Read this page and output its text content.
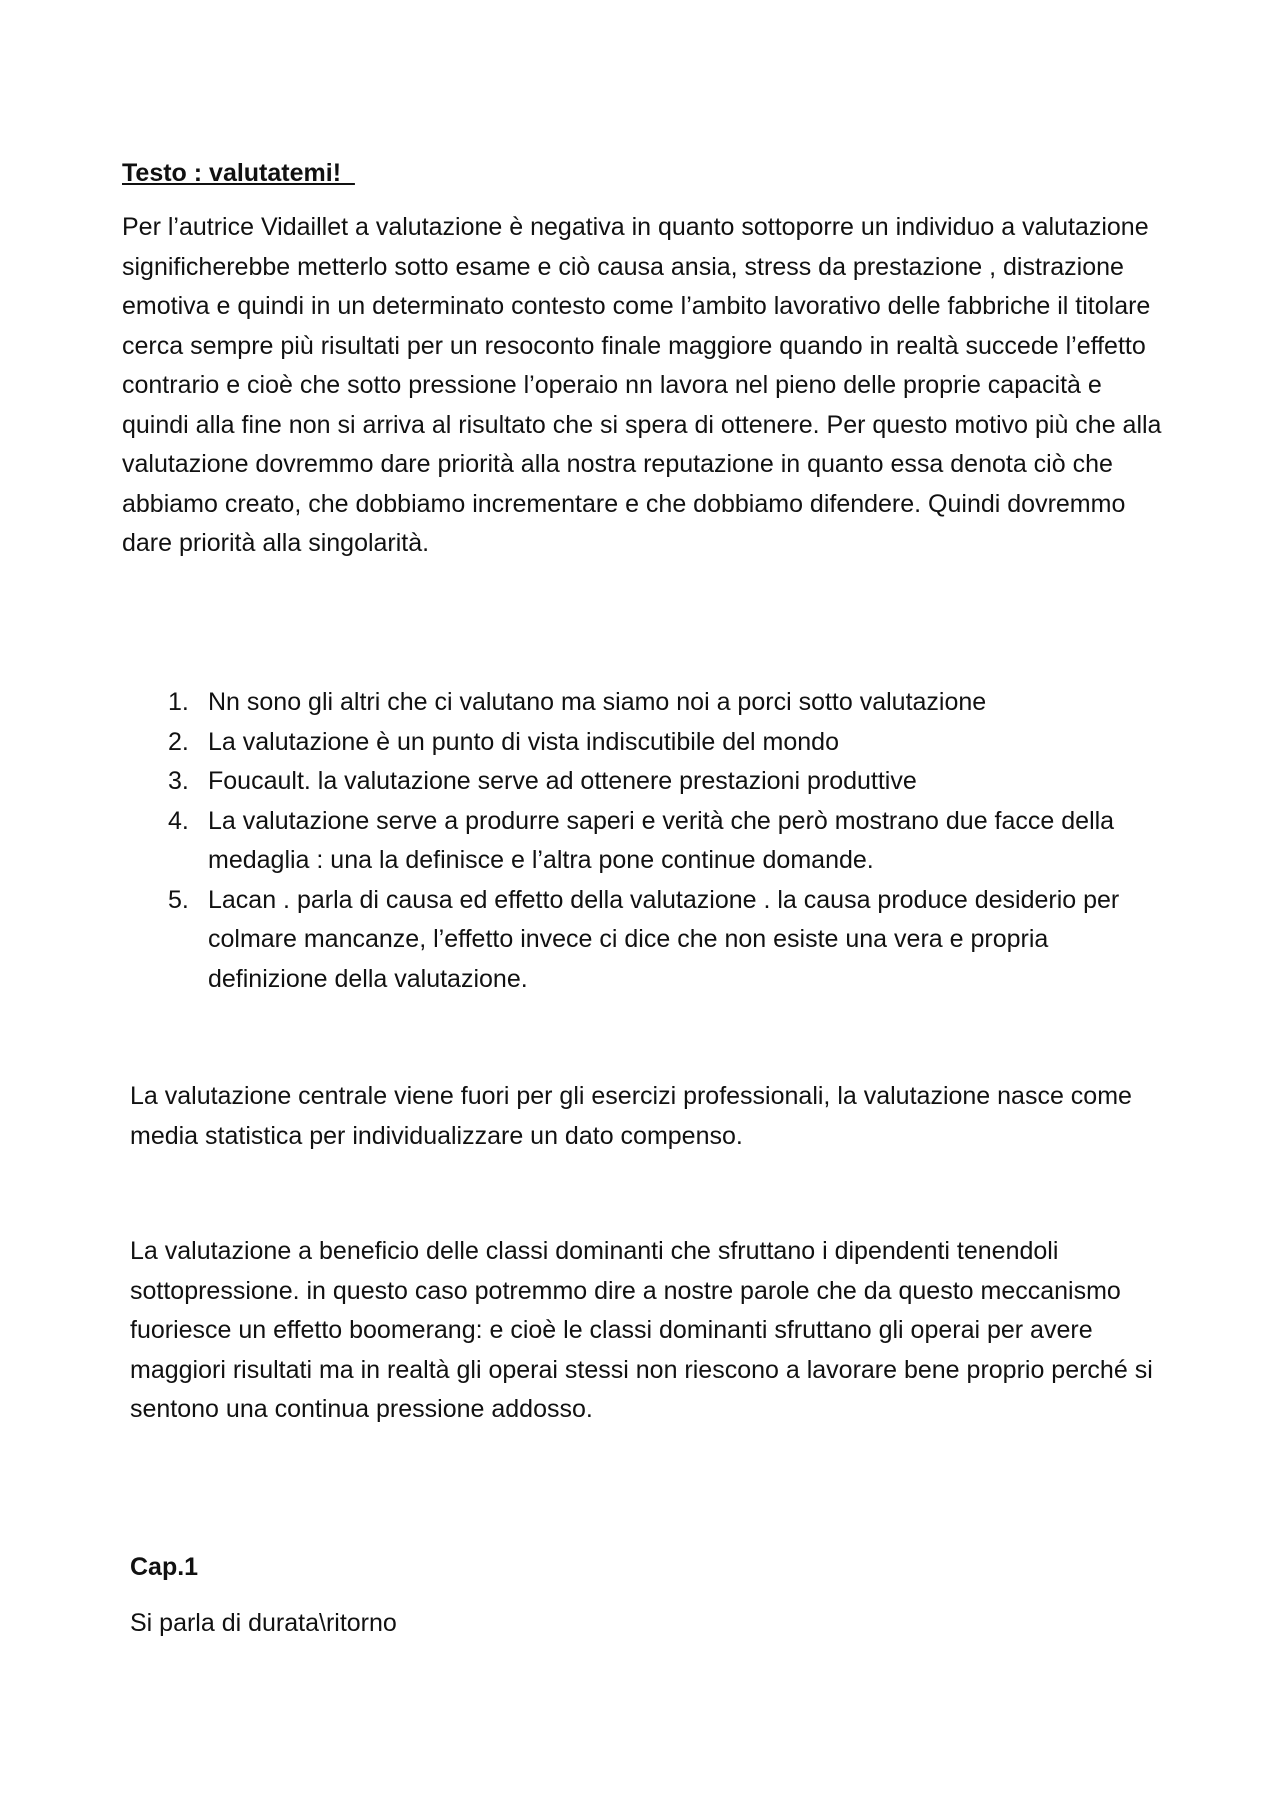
Testo : valutatemi!
Per l’autrice Vidaillet a valutazione è negativa in quanto sottoporre un individuo a valutazione significherebbe metterlo sotto esame e ciò causa ansia, stress da prestazione , distrazione emotiva e quindi in un determinato contesto come l’ambito lavorativo delle fabbriche il titolare cerca sempre più risultati per un resoconto finale maggiore quando in realtà succede l’effetto contrario e cioè che sotto pressione l’operaio nn lavora nel pieno delle proprie capacità e quindi alla fine non si arriva al risultato che si spera di ottenere. Per questo motivo più che alla valutazione dovremmo dare priorità alla nostra reputazione in quanto essa denota ciò che abbiamo creato, che dobbiamo incrementare e che dobbiamo difendere. Quindi dovremmo dare priorità alla singolarità.
1. Nn sono gli altri che ci valutano ma siamo noi a porci sotto valutazione
2. La valutazione è un punto di vista indiscutibile del mondo
3. Foucault. la valutazione serve ad ottenere prestazioni produttive
4. La valutazione serve a produrre saperi e verità che però mostrano due facce della medaglia : una la definisce e l’altra pone continue domande.
5. Lacan . parla di causa ed effetto della valutazione . la causa produce desiderio per colmare mancanze, l’effetto invece ci dice che non esiste una vera e propria definizione della valutazione.
La valutazione centrale viene fuori per gli esercizi professionali, la valutazione nasce come media statistica per individualizzare un dato compenso.
La valutazione a beneficio delle classi dominanti che sfruttano i dipendenti tenendoli sottopressione. in questo caso potremmo dire a nostre parole che da questo meccanismo fuoriesce un effetto boomerang: e cioè le classi dominanti sfruttano gli operai per avere maggiori risultati ma in realtà gli operai stessi non riescono a lavorare bene proprio perché si sentono una continua pressione addosso.
Cap.1
Si parla di durata\ritorno
